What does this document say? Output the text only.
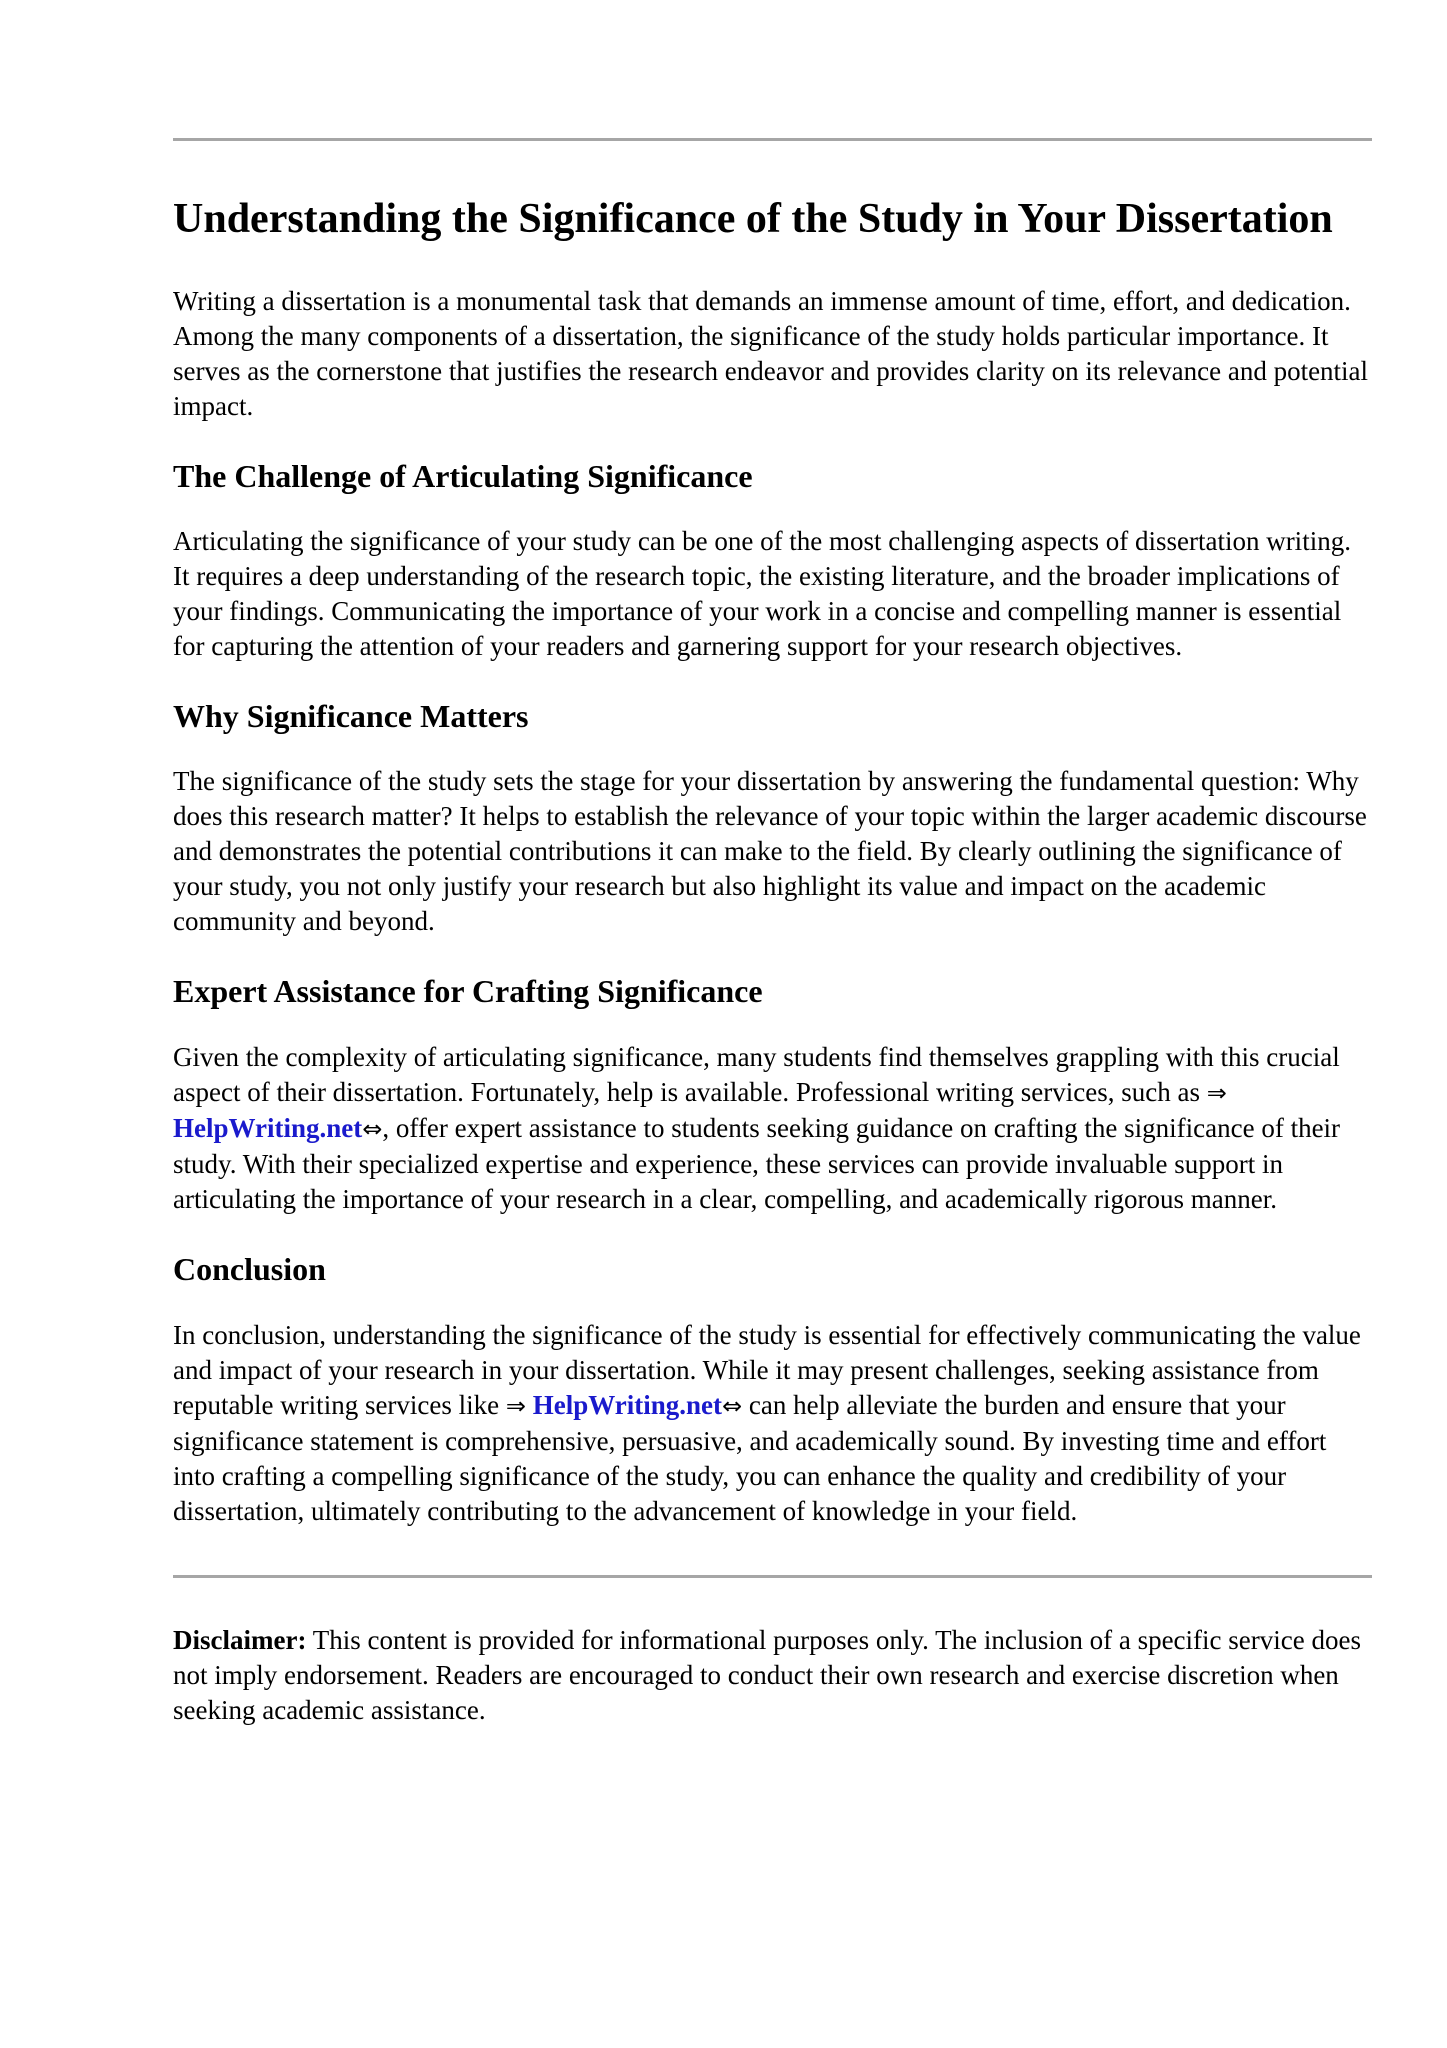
Understanding the Significance of the Study in Your Dissertation

Writing a dissertation is a monumental task that demands an immense amount of time, effort, and dedication. Among the many components of a dissertation, the significance of the study holds particular importance. It serves as the cornerstone that justifies the research endeavor and provides clarity on its relevance and potential impact.

The Challenge of Articulating Significance

Articulating the significance of your study can be one of the most challenging aspects of dissertation writing. It requires a deep understanding of the research topic, the existing literature, and the broader implications of your findings. Communicating the importance of your work in a concise and compelling manner is essential for capturing the attention of your readers and garnering support for your research objectives.

Why Significance Matters

The significance of the study sets the stage for your dissertation by answering the fundamental question: Why does this research matter? It helps to establish the relevance of your topic within the larger academic discourse and demonstrates the potential contributions it can make to the field. By clearly outlining the significance of your study, you not only justify your research but also highlight its value and impact on the academic community and beyond.

Expert Assistance for Crafting Significance

Given the complexity of articulating significance, many students find themselves grappling with this crucial aspect of their dissertation. Fortunately, help is available. Professional writing services, such as ⇒ HelpWriting.net⇔, offer expert assistance to students seeking guidance on crafting the significance of their study. With their specialized expertise and experience, these services can provide invaluable support in articulating the importance of your research in a clear, compelling, and academically rigorous manner.

Conclusion

In conclusion, understanding the significance of the study is essential for effectively communicating the value and impact of your research in your dissertation. While it may present challenges, seeking assistance from reputable writing services like ⇒ HelpWriting.net⇔ can help alleviate the burden and ensure that your significance statement is comprehensive, persuasive, and academically sound. By investing time and effort into crafting a compelling significance of the study, you can enhance the quality and credibility of your dissertation, ultimately contributing to the advancement of knowledge in your field.

Disclaimer: This content is provided for informational purposes only. The inclusion of a specific service does not imply endorsement. Readers are encouraged to conduct their own research and exercise discretion when seeking academic assistance.
